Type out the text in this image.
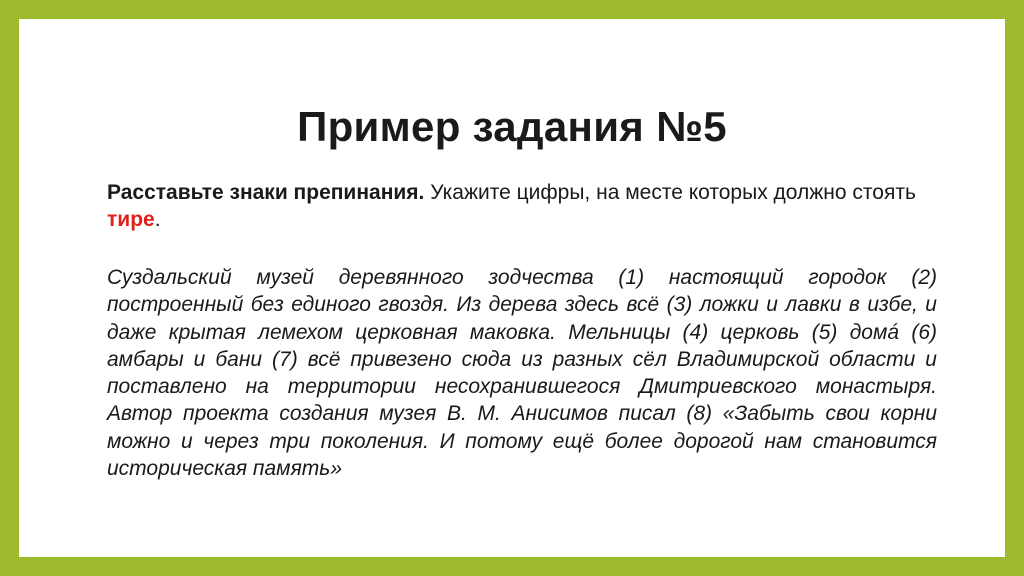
Пример задания №5

Расставьте знаки препинания. Укажите цифры, на месте которых должно стоять тире.

Суздальский музей деревянного зодчества (1) настоящий городок (2) построенный без единого гвоздя. Из дерева здесь всё (3) ложки и лавки в избе, и даже крытая лемехом церковная маковка. Мельницы (4) церковь (5) домá (6) амбары и бани (7) всё привезено сюда из разных сёл Владимирской области и поставлено на территории несохранившегося Дмитриевского монастыря. Автор проекта создания музея В. М. Анисимов писал (8) «Забыть свои корни можно и через три поколения. И потому ещё более дорогой нам становится историческая память»
